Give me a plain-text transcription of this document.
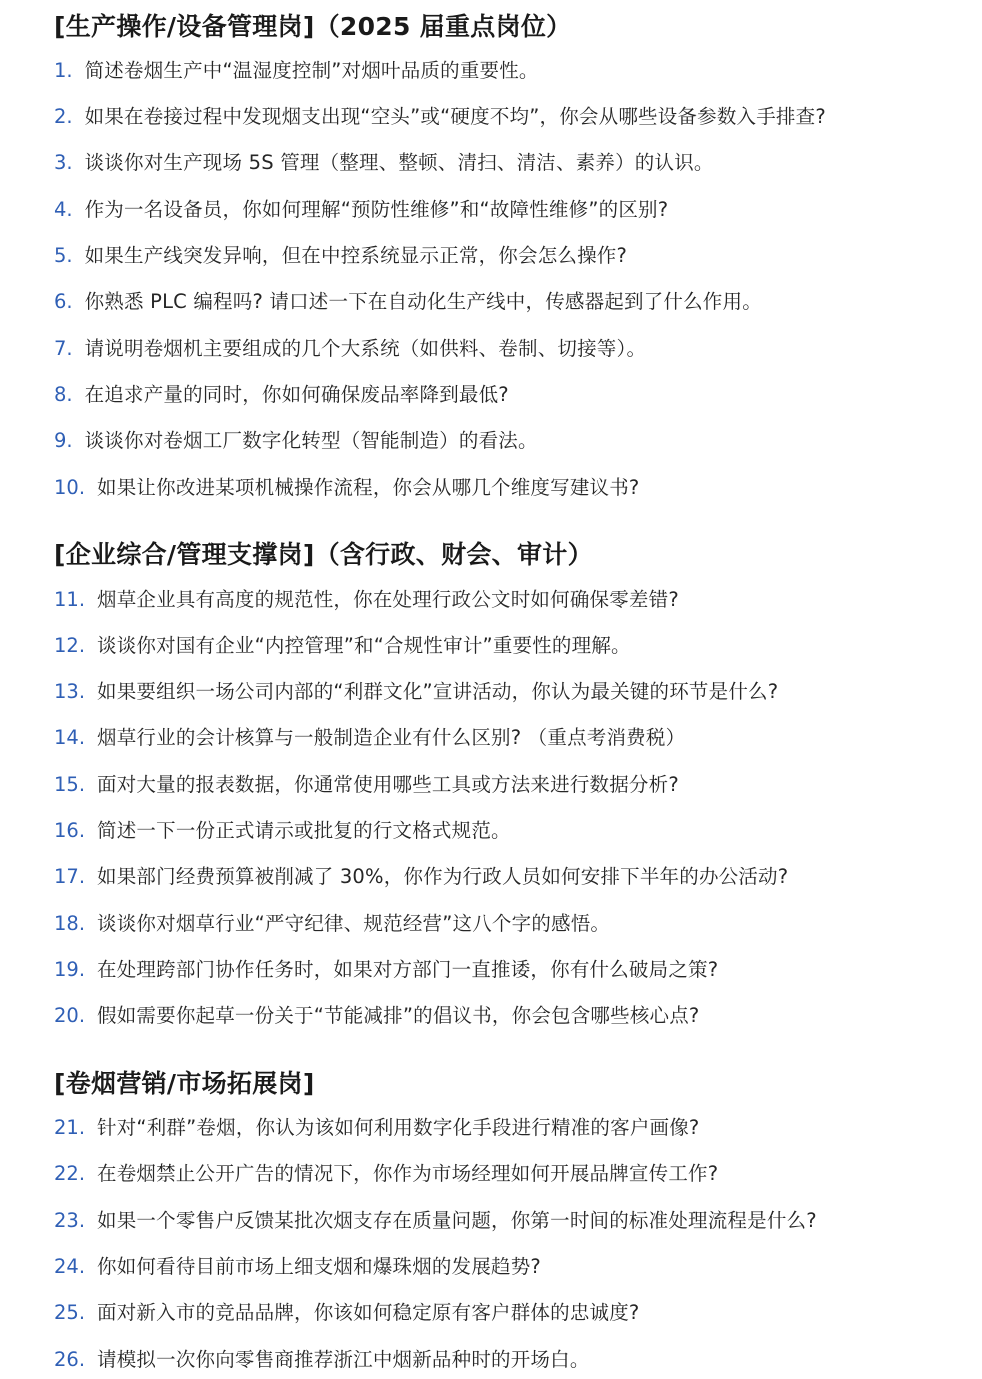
[生产操作/设备管理岗]（2025 届重点岗位）
1. 简述卷烟生产中“温湿度控制”对烟叶品质的重要性。
2. 如果在卷接过程中发现烟支出现“空头”或“硬度不均”，你会从哪些设备参数入手排查?
3. 谈谈你对生产现场 5S 管理（整理、整顿、清扫、清洁、素养）的认识。
4. 作为一名设备员，你如何理解“预防性维修”和“故障性维修”的区别?
5. 如果生产线突发异响，但在中控系统显示正常，你会怎么操作?
6. 你熟悉 PLC 编程吗? 请口述一下在自动化生产线中，传感器起到了什么作用。
7. 请说明卷烟机主要组成的几个大系统（如供料、卷制、切接等）。
8. 在追求产量的同时，你如何确保废品率降到最低?
9. 谈谈你对卷烟工厂数字化转型（智能制造）的看法。
10. 如果让你改进某项机械操作流程，你会从哪几个维度写建议书?
[企业综合/管理支撑岗]（含行政、财会、审计）
11. 烟草企业具有高度的规范性，你在处理行政公文时如何确保零差错?
12. 谈谈你对国有企业“内控管理”和“合规性审计”重要性的理解。
13. 如果要组织一场公司内部的“利群文化”宣讲活动，你认为最关键的环节是什么?
14. 烟草行业的会计核算与一般制造企业有什么区别? （重点考消费税）
15. 面对大量的报表数据，你通常使用哪些工具或方法来进行数据分析?
16. 简述一下一份正式请示或批复的行文格式规范。
17. 如果部门经费预算被削减了 30%，你作为行政人员如何安排下半年的办公活动?
18. 谈谈你对烟草行业“严守纪律、规范经营”这八个字的感悟。
19. 在处理跨部门协作任务时，如果对方部门一直推诿，你有什么破局之策?
20. 假如需要你起草一份关于“节能减排”的倡议书，你会包含哪些核心点?
[卷烟营销/市场拓展岗]
21. 针对“利群”卷烟，你认为该如何利用数字化手段进行精准的客户画像?
22. 在卷烟禁止公开广告的情况下，你作为市场经理如何开展品牌宣传工作?
23. 如果一个零售户反馈某批次烟支存在质量问题，你第一时间的标准处理流程是什么?
24. 你如何看待目前市场上细支烟和爆珠烟的发展趋势?
25. 面对新入市的竞品品牌，你该如何稳定原有客户群体的忠诚度?
26. 请模拟一次你向零售商推荐浙江中烟新品种时的开场白。
